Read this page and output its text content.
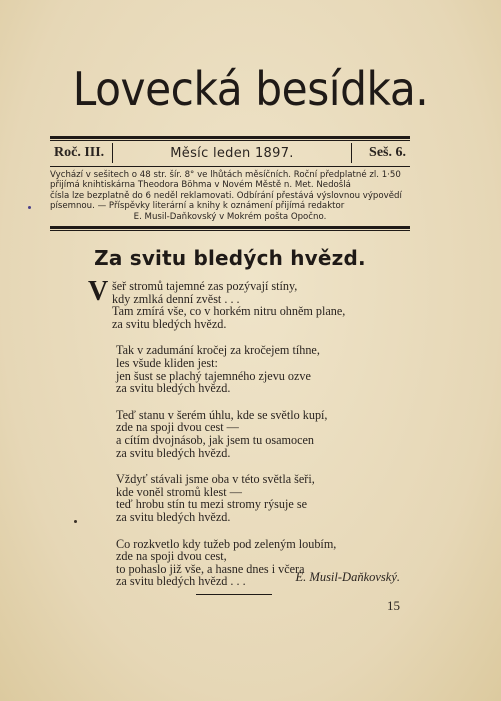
Lovecká besídka.
Roč. III.	Měsíc leden 1897.	Seš. 6.
Vychází v sešitech o 48 str. šír. 8° ve lhůtách měsíčních. Roční předplatné zl. 1·50
přijímá knihtiskárna Theodora Böhma v Novém Městě n. Met. Nedošlá
čísla lze bezplatně do 6 neděl reklamovati. Odbírání přestává výslovnou výpovědí
písemnou. — Příspěvky literární a knihy k oznámení přijímá redaktor
E. Musil-Daňkovský v Mokrém pošta Opočno.
Za svitu bledých hvězd.
V šeř stromů tajemné zas pozývají stíny,
kdy zmlká denní zvěst . . .
Tam zmírá vše, co v horkém nitru ohněm plane,
za svitu bledých hvězd.
Tak v zadumání kročej za kročejem tíhne,
les všude kliden jest:
jen šust se plachý tajemného zjevu ozve
za svitu bledých hvězd.
Teď stanu v šerém úhlu, kde se světlo kupí,
zde na spoji dvou cest —
a cítím dvojnásob, jak jsem tu osamocen
za svitu bledých hvězd.
Vždyť stávali jsme oba v této světla šeři,
kde voněl stromů klest —
teď hrobu stín tu mezi stromy rýsuje se
za svitu bledých hvězd.
Co rozkvetlo kdy tužeb pod zeleným loubím,
zde na spoji dvou cest,
to pohaslo již vše, a hasne dnes i včera
za svitu bledých hvězd . . .	E. Musil-Daňkovský.
15
